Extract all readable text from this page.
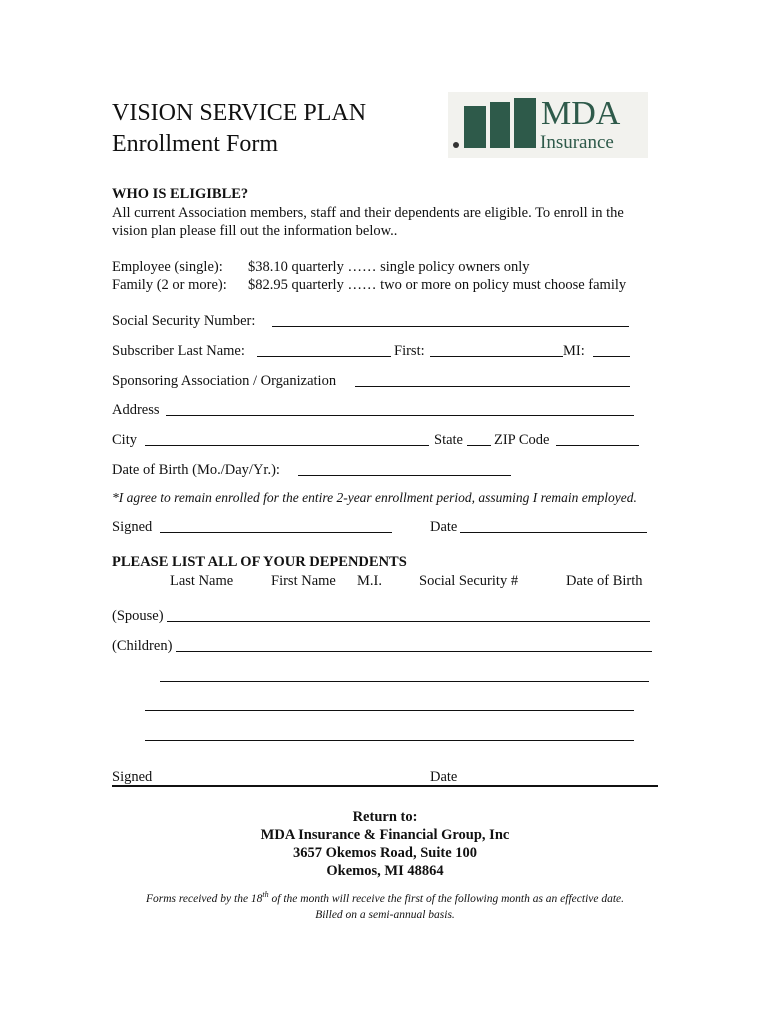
VISION SERVICE PLAN
Enrollment Form
MDA
Insurance
WHO IS ELIGIBLE?
All current Association members, staff and their dependents are eligible. To enroll in the
vision plan please fill out the information below..
Employee (single): $38.10 quarterly …… single policy owners only
Family (2 or more): $82.95 quarterly …… two or more on policy must choose family
Social Security Number:
Subscriber Last Name:	First:	MI:
Sponsoring Association / Organization
Address
City	State ZIP Code
Date of Birth (Mo./Day/Yr.):
*I agree to remain enrolled for the entire 2-year enrollment period, assuming I remain employed.
Signed	Date
PLEASE LIST ALL OF YOUR DEPENDENTS
Last Name	First Name M.I.	Social Security #	Date of Birth
(Spouse)
(Children)
Signed	Date
Return to:
MDA Insurance & Financial Group, Inc
3657 Okemos Road, Suite 100
Okemos, MI 48864
Forms received by the 18th of the month will receive the first of the following month as an effective date.
Billed on a semi-annual basis.
